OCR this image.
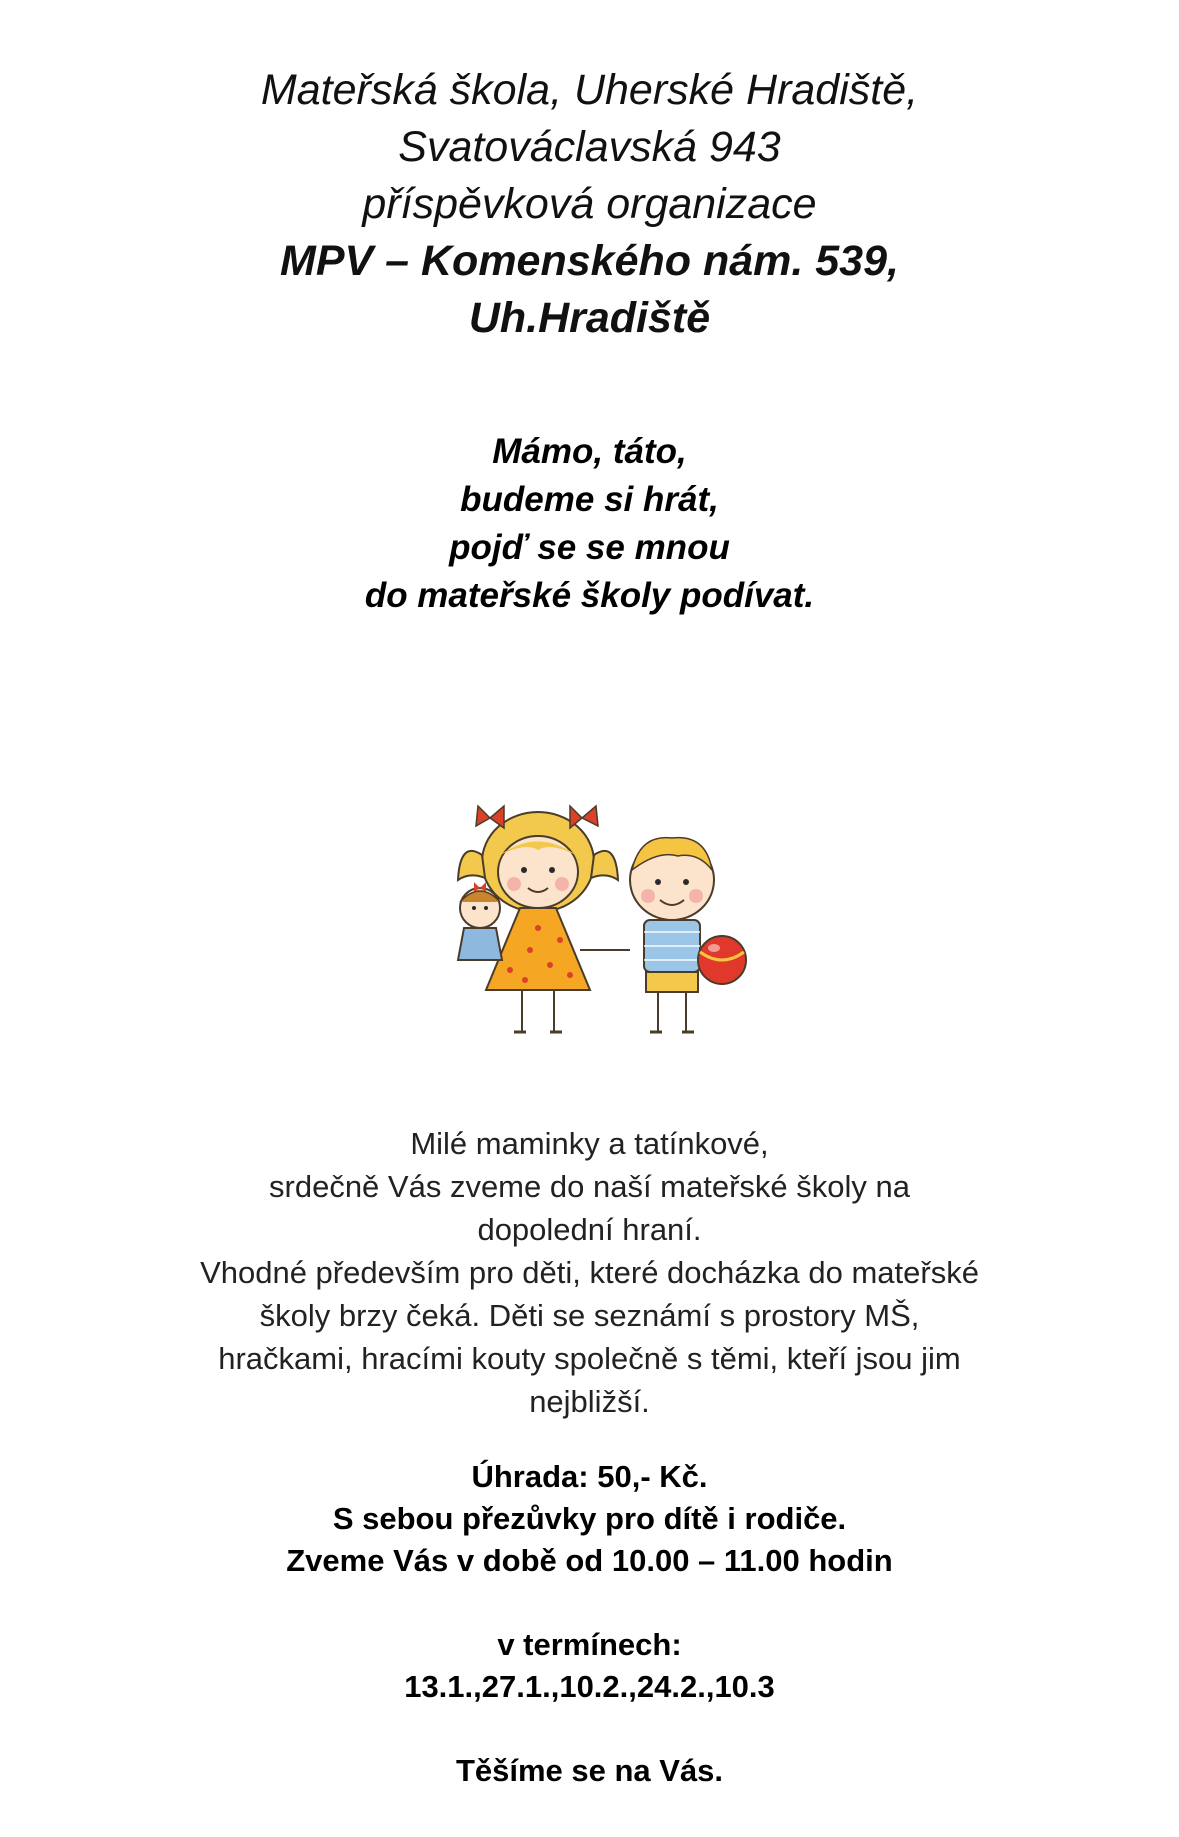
Mateřská škola, Uherské Hradiště,
Svatováclavská 943
příspěvková organizace
MPV – Komenského nám. 539,
Uh.Hradiště
Mámo, táto,
budeme si hrát,
pojď se se mnou
do mateřské školy podívat.
Milé maminky a tatínkové,
srdečně Vás zveme do naší mateřské školy na
dopolední hraní.
Vhodné především pro děti, které docházka do mateřské
školy brzy čeká. Děti se seznámí s prostory MŠ,
hračkami, hracími kouty společně s těmi, kteří jsou jim
nejbližší.
Úhrada: 50,- Kč.
S sebou přezůvky pro dítě i rodiče.
Zveme Vás v době od 10.00 – 11.00 hodin
v termínech:
13.1.,27.1.,10.2.,24.2.,10.3
Těšíme se na Vás.
